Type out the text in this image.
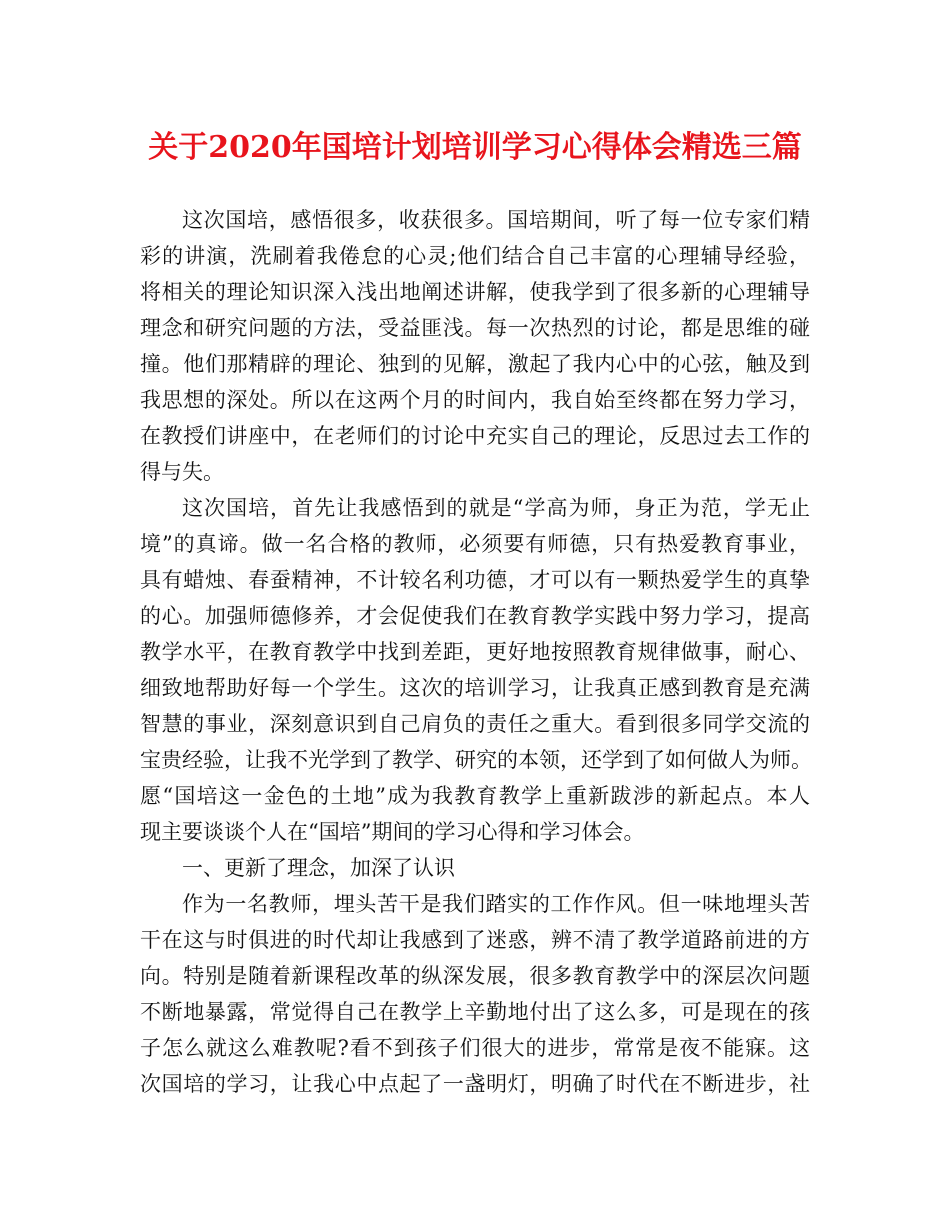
关于2020年国培计划培训学习心得体会精选三篇
这次国培，感悟很多，收获很多。国培期间，听了每一位专家们精
彩的讲演，洗刷着我倦怠的心灵;他们结合自己丰富的心理辅导经验，
将相关的理论知识深入浅出地阐述讲解，使我学到了很多新的心理辅导
理念和研究问题的方法，受益匪浅。每一次热烈的讨论，都是思维的碰
撞。他们那精辟的理论、独到的见解，激起了我内心中的心弦，触及到
我思想的深处。所以在这两个月的时间内，我自始至终都在努力学习，
在教授们讲座中，在老师们的讨论中充实自己的理论，反思过去工作的
得与失。
这次国培，首先让我感悟到的就是“学高为师，身正为范，学无止
境”的真谛。做一名合格的教师，必须要有师德，只有热爱教育事业，
具有蜡烛、春蚕精神，不计较名利功德，才可以有一颗热爱学生的真挚
的心。加强师德修养，才会促使我们在教育教学实践中努力学习，提高
教学水平，在教育教学中找到差距，更好地按照教育规律做事，耐心、
细致地帮助好每一个学生。这次的培训学习，让我真正感到教育是充满
智慧的事业，深刻意识到自己肩负的责任之重大。看到很多同学交流的
宝贵经验，让我不光学到了教学、研究的本领，还学到了如何做人为师。
愿“国培这一金色的土地”成为我教育教学上重新跋涉的新起点。本人
现主要谈谈个人在“国培”期间的学习心得和学习体会。
一、更新了理念，加深了认识
作为一名教师，埋头苦干是我们踏实的工作作风。但一味地埋头苦
干在这与时俱进的时代却让我感到了迷惑，辨不清了教学道路前进的方
向。特别是随着新课程改革的纵深发展，很多教育教学中的深层次问题
不断地暴露，常觉得自己在教学上辛勤地付出了这么多，可是现在的孩
子怎么就这么难教呢?看不到孩子们很大的进步，常常是夜不能寐。这
次国培的学习，让我心中点起了一盏明灯，明确了时代在不断进步，社
